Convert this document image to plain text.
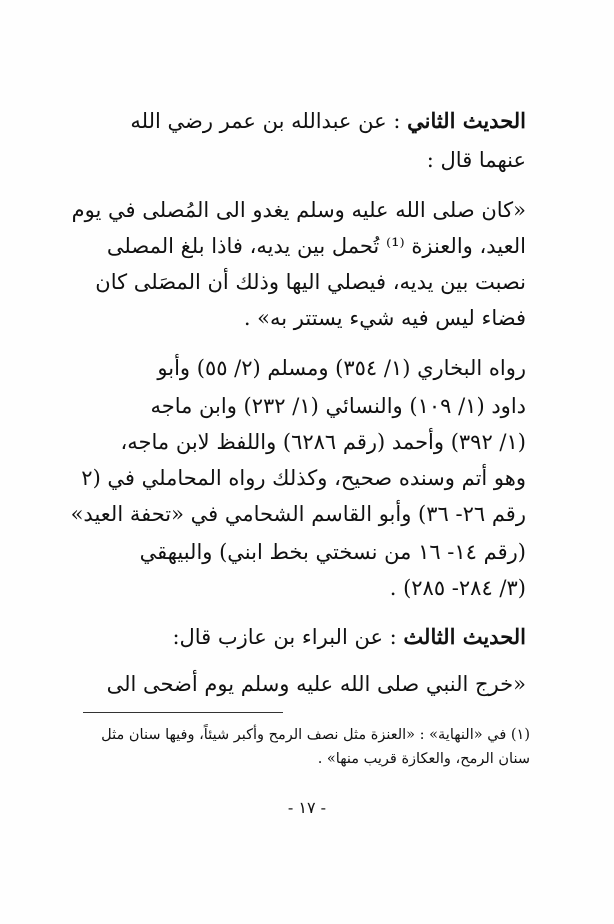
الحديث الثاني : عن عبدالله بن عمر رضي الله
عنهما قال :
«كان صلى الله عليه وسلم يغدو الى المُصلى في يوم
العيد، والعنزة ⁽¹⁾ تُحمل بين يديه، فاذا بلغ المصلى
نصبت بين يديه، فيصلي اليها وذلك أن المصَلى كان
فضاء ليس فيه شيء يستتر به» .
رواه البخاري (١/ ٣٥٤) ومسلم (٢/ ٥٥) وأبو
داود (١/ ١٠٩) والنسائي (١/ ٢٣٢) وابن ماجه
(١/ ٣٩٢) وأحمد (رقم ٦٢٨٦) واللفظ لابن ماجه،
وهو أتم وسنده صحيح، وكذلك رواه المحاملي في (٢
رقم ٢٦- ٣٦) وأبو القاسم الشحامي في «تحفة العيد»
(رقم ١٤- ١٦ من نسختي بخط ابني) والبيهقي
(٣/ ٢٨٤- ٢٨٥) .
الحديث الثالث : عن البراء بن عازب قال:
«خرج النبي صلى الله عليه وسلم يوم أضحى الى
(١) في «النهاية» : «العنزة مثل نصف الرمح وأكبر شيئاً، وفيها سنان مثل
سنان الرمح، والعكازة قريب منها» .
- ١٧ -
